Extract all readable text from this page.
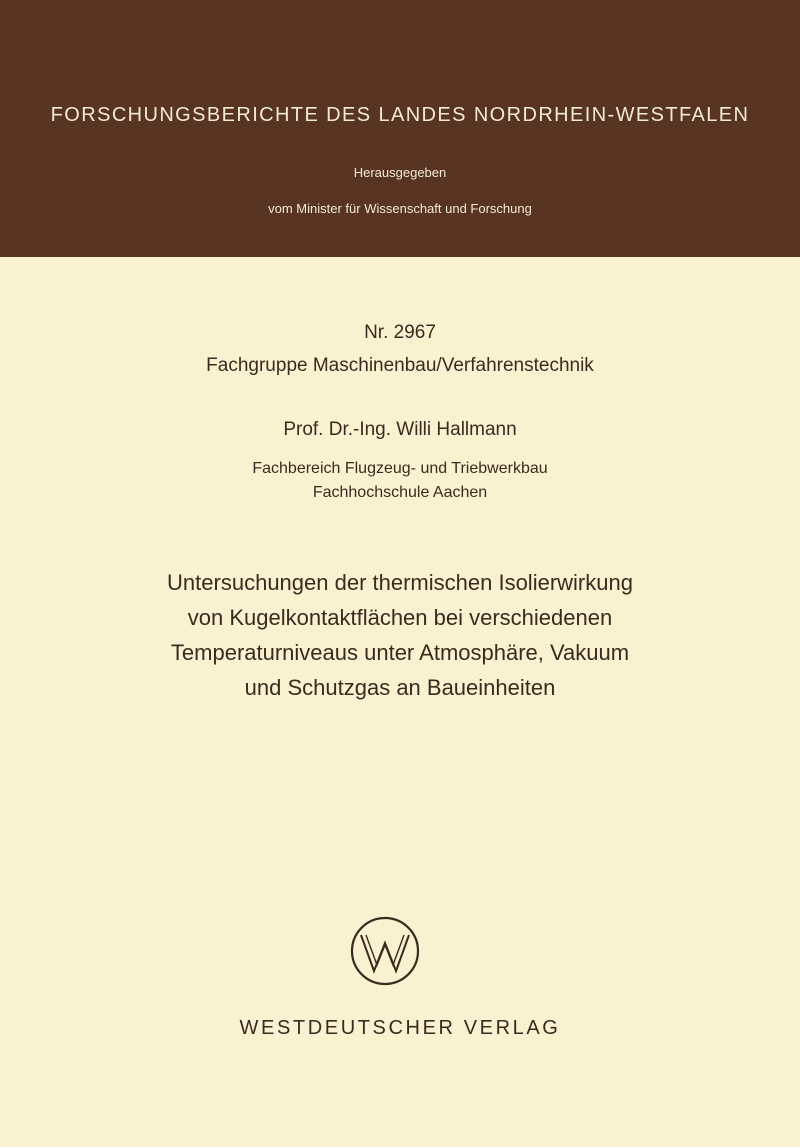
FORSCHUNGSBERICHTE DES LANDES NORDRHEIN-WESTFALEN
Herausgegeben
vom Minister für Wissenschaft und Forschung
Nr. 2967
Fachgruppe Maschinenbau/Verfahrenstechnik
Prof. Dr.-Ing. Willi Hallmann
Fachbereich Flugzeug- und Triebwerkbau
Fachhochschule Aachen
Untersuchungen der thermischen Isolierwirkung
von Kugelkontaktflächen bei verschiedenen
Temperaturniveaus unter Atmosphäre, Vakuum
und Schutzgas an Baueinheiten
WESTDEUTSCHER VERLAG
